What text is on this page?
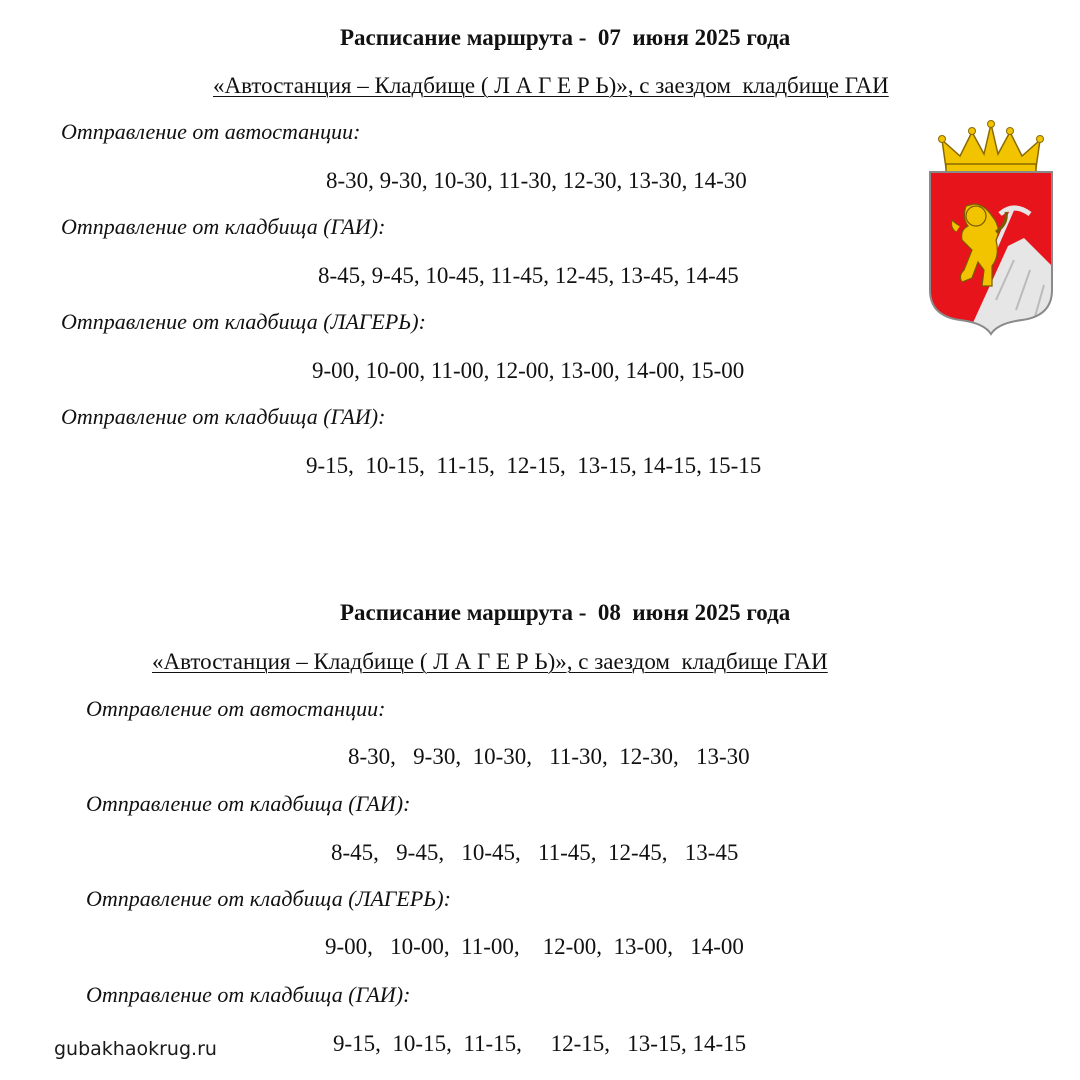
Расписание маршрута -  07  июня 2025 года
«Автостанция – Кладбище ( Л А Г Е Р Ь)», с заездом  кладбище ГАИ
Отправление от автостанции:
8-30, 9-30, 10-30, 11-30, 12-30, 13-30, 14-30
Отправление от кладбища (ГАИ):
8-45, 9-45, 10-45, 11-45, 12-45, 13-45, 14-45
Отправление от кладбища (ЛАГЕРЬ):
9-00, 10-00, 11-00, 12-00, 13-00, 14-00, 15-00
Отправление от кладбища (ГАИ):
9-15,  10-15,  11-15,  12-15,  13-15, 14-15, 15-15
Расписание маршрута -  08  июня 2025 года
«Автостанция – Кладбище ( Л А Г Е Р Ь)», с заездом  кладбище ГАИ
Отправление от автостанции:
8-30,   9-30,  10-30,   11-30,  12-30,   13-30
Отправление от кладбища (ГАИ):
8-45,   9-45,   10-45,   11-45,  12-45,   13-45
Отправление от кладбища (ЛАГЕРЬ):
9-00,   10-00,  11-00,    12-00,  13-00,   14-00
Отправление от кладбища (ГАИ):
9-15,  10-15,  11-15,     12-15,   13-15, 14-15
gubakhaokrug.ru
